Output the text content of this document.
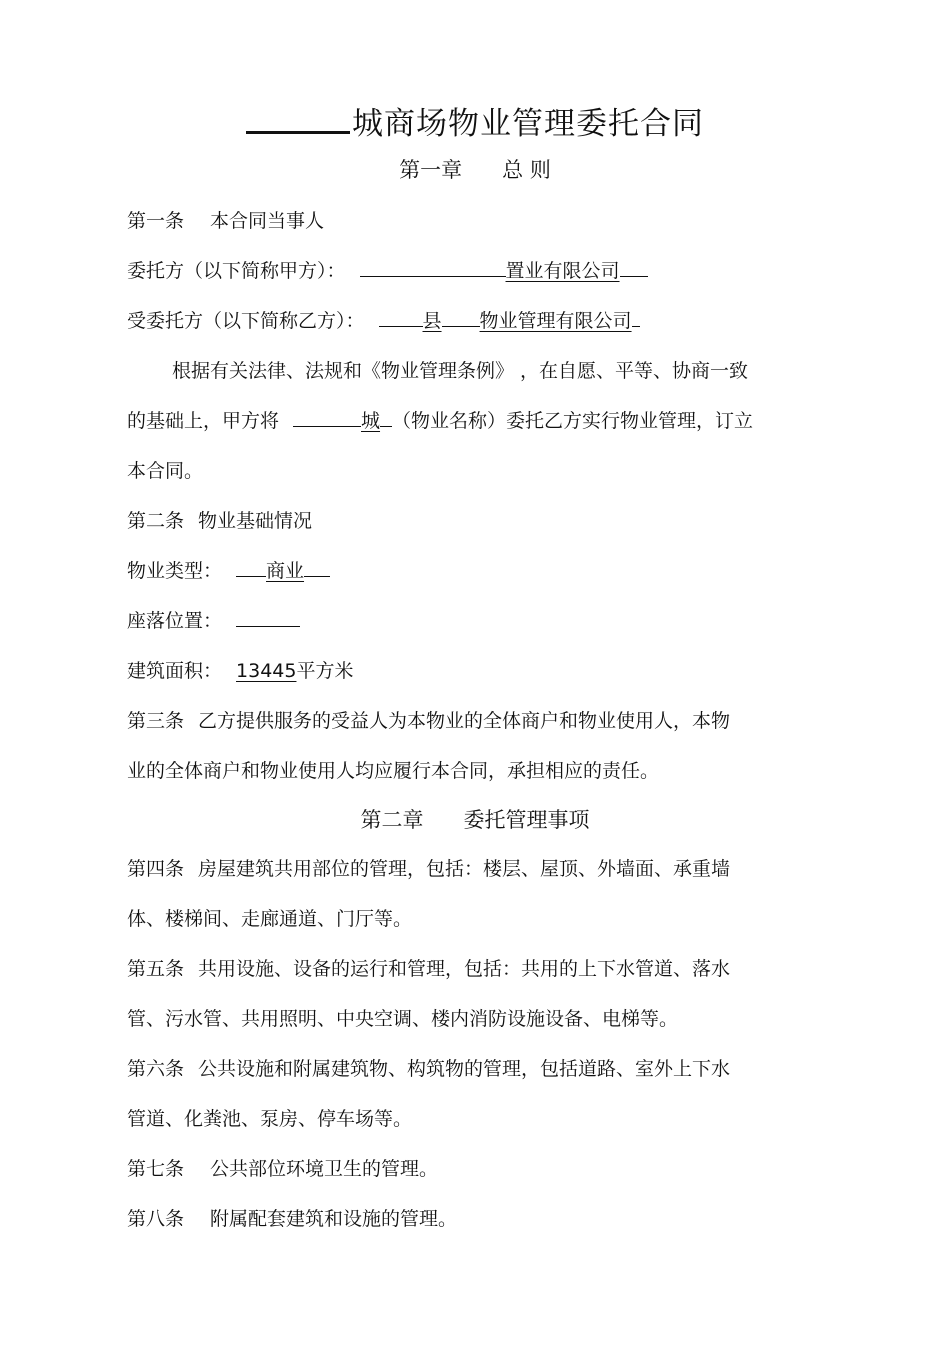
城商场物业管理委托合同
第一章 总 则
第一条 本合同当事人
委托方（以下简称甲方）：	置业有限公司
受委托方（以下简称乙方）：	县 物业管理有限公司
根据有关法律、法规和《物业管理条例》 ，在自愿、平等、协商一致
的基础上，甲方将	城 （物业名称）委托乙方实行物业管理，订立
本合同。
第二条 物业基础情况
物业类型： 商业
座落位置：
建筑面积： 13445平方米
第三条 乙方提供服务的受益人为本物业的全体商户和物业使用人，本物
业的全体商户和物业使用人均应履行本合同，承担相应的责任。
第二章 委托管理事项
第四条 房屋建筑共用部位的管理，包括：楼层、屋顶、外墙面、承重墙
体、楼梯间、走廊通道、门厅等。
第五条 共用设施、设备的运行和管理，包括：共用的上下水管道、落水
管、污水管、共用照明、中央空调、楼内消防设施设备、电梯等。
第六条 公共设施和附属建筑物、构筑物的管理，包括道路、室外上下水
管道、化粪池、泵房、停车场等。
第七条 公共部位环境卫生的管理。
第八条 附属配套建筑和设施的管理。
